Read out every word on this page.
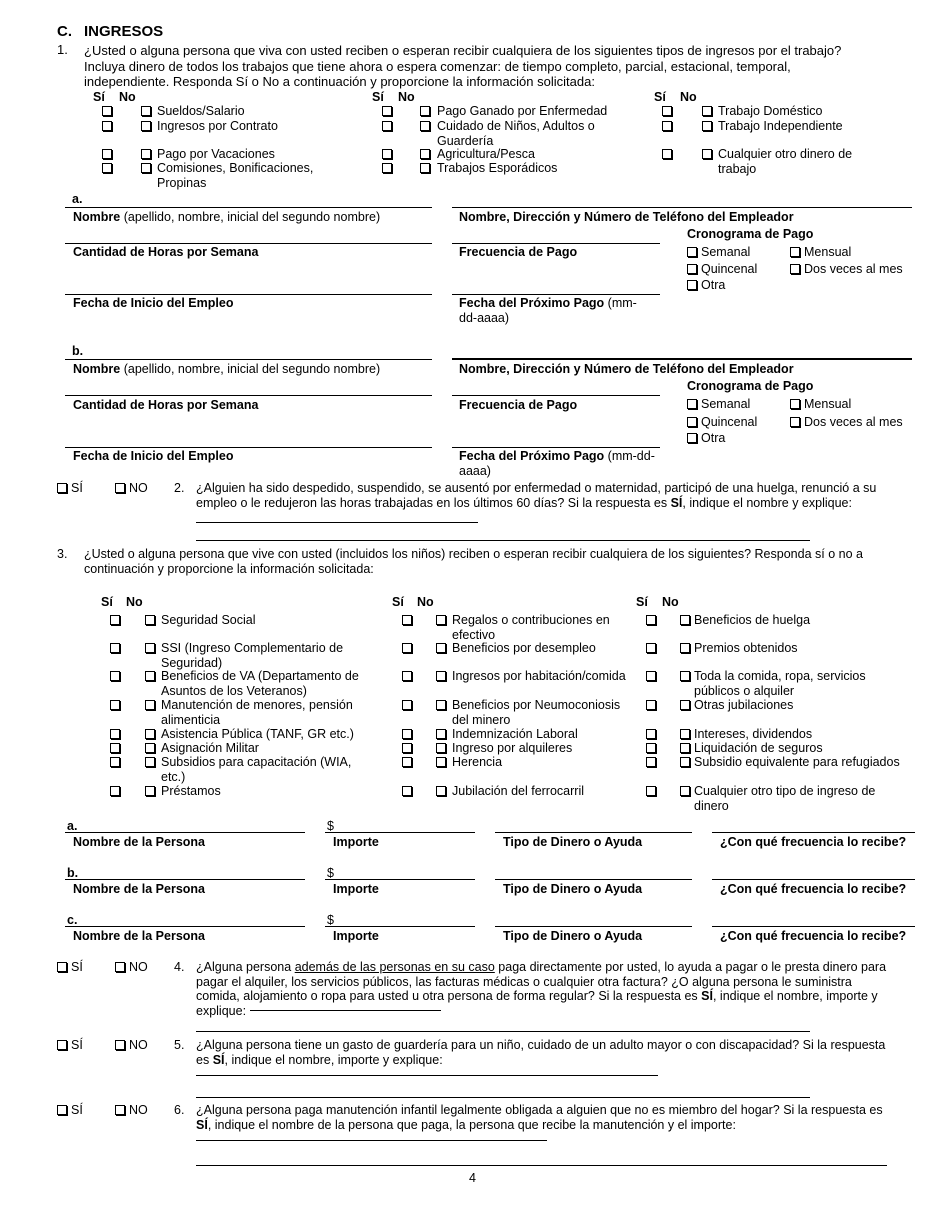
C. INGRESOS
1. ¿Usted o alguna persona que viva con usted reciben o esperan recibir cualquiera de los siguientes tipos de ingresos por el trabajo? Incluya dinero de todos los trabajos que tiene ahora o espera comenzar: de tiempo completo, parcial, estacional, temporal, independiente. Responda Sí o No a continuación y proporcione la información solicitada:
Sí No	Sí No	Sí No
Sueldos/Salario
Ingresos por Contrato
Pago por Vacaciones
Comisiones, Bonificaciones, Propinas
Pago Ganado por Enfermedad
Cuidado de Niños, Adultos o Guardería
Agricultura/Pesca
Trabajos Esporádicos
Trabajo Doméstico
Trabajo Independiente
Cualquier otro dinero de trabajo
a.
Nombre (apellido, nombre, inicial del segundo nombre)	Nombre, Dirección y Número de Teléfono del Empleador
Cronograma de Pago
Cantidad de Horas por Semana	Frecuencia de Pago	Semanal	Mensual
Quincenal	Dos veces al mes
Otra
Fecha de Inicio del Empleo	Fecha del Próximo Pago (mm-dd-aaaa)
b.
Nombre (apellido, nombre, inicial del segundo nombre)	Nombre, Dirección y Número de Teléfono del Empleador
Cronograma de Pago
Cantidad de Horas por Semana	Frecuencia de Pago	Semanal	Mensual
Quincenal	Dos veces al mes
Otra
Fecha de Inicio del Empleo	Fecha del Próximo Pago (mm-dd-aaaa)
SÍ	NO 2. ¿Alguien ha sido despedido, suspendido, se ausentó por enfermedad o maternidad, participó de una huelga, renunció a su empleo o le redujeron las horas trabajadas en los últimos 60 días? Si la respuesta es SÍ, indique el nombre y explique:
3. ¿Usted o alguna persona que vive con usted (incluidos los niños) reciben o esperan recibir cualquiera de los siguientes? Responda sí o no a continuación y proporcione la información solicitada:
Sí No	Sí No	Sí No
Seguridad Social
SSI (Ingreso Complementario de Seguridad)
Beneficios de VA (Departamento de Asuntos de los Veteranos)
Manutención de menores, pensión alimenticia
Asistencia Pública (TANF, GR etc.)
Asignación Militar
Subsidios para capacitación (WIA, etc.)
Préstamos
Regalos o contribuciones en efectivo
Beneficios por desempleo
Ingresos por habitación/comida
Beneficios por Neumoconiosis del minero
Indemnización Laboral
Ingreso por alquileres
Herencia
Jubilación del ferrocarril
Beneficios de huelga
Premios obtenidos
Toda la comida, ropa, servicios públicos o alquiler
Otras jubilaciones
Intereses, dividendos
Liquidación de seguros
Subsidio equivalente para refugiados
Cualquier otro tipo de ingreso de dinero
a.	$
Nombre de la Persona	Importe	Tipo de Dinero o Ayuda	¿Con qué frecuencia lo recibe?
b.	$
Nombre de la Persona	Importe	Tipo de Dinero o Ayuda	¿Con qué frecuencia lo recibe?
c.	$
Nombre de la Persona	Importe	Tipo de Dinero o Ayuda	¿Con qué frecuencia lo recibe?
SÍ	NO 4. ¿Alguna persona además de las personas en su caso paga directamente por usted, lo ayuda a pagar o le presta dinero para pagar el alquiler, los servicios públicos, las facturas médicas o cualquier otra factura? ¿O alguna persona le suministra comida, alojamiento o ropa para usted u otra persona de forma regular? Si la respuesta es SÍ, indique el nombre, importe y explique:
SÍ	NO 5. ¿Alguna persona tiene un gasto de guardería para un niño, cuidado de un adulto mayor o con discapacidad? Si la respuesta es SÍ, indique el nombre, importe y explique:
SÍ	NO 6. ¿Alguna persona paga manutención infantil legalmente obligada a alguien que no es miembro del hogar? Si la respuesta es SÍ, indique el nombre de la persona que paga, la persona que recibe la manutención y el importe:
4
